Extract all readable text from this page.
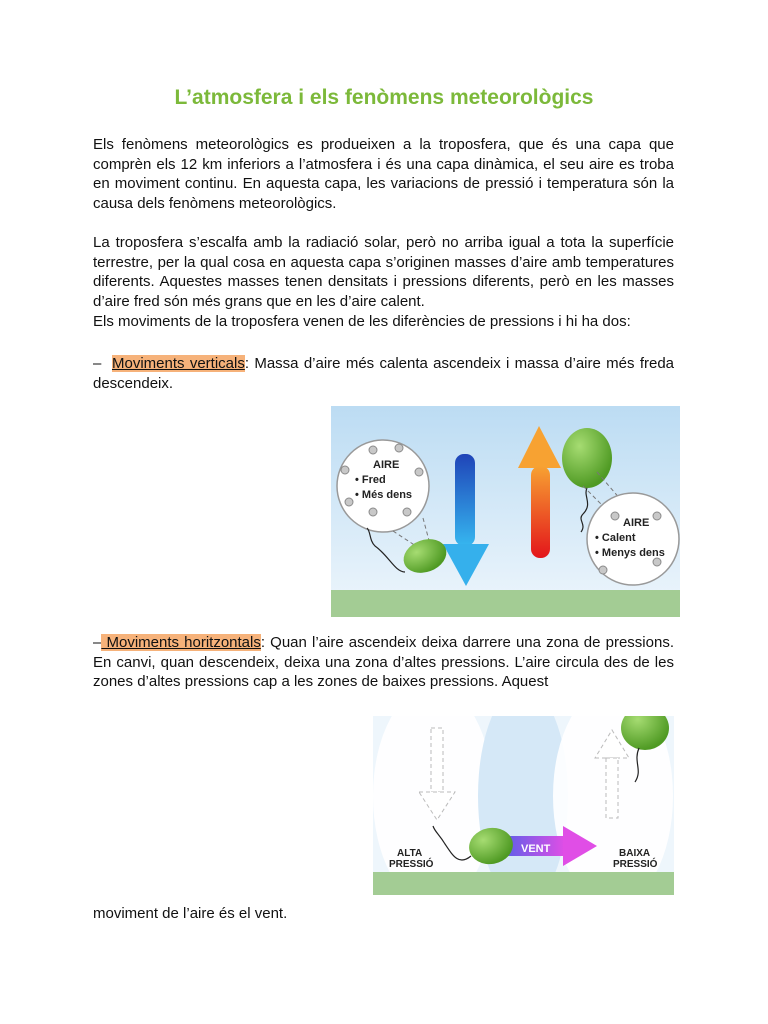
L’atmosfera i els fenòmens meteorològics

Els fenòmens meteorològics es produeixen a la troposfera, que és una capa que comprèn els 12 km inferiors a l’atmosfera i és una capa dinàmica, el seu aire es troba en moviment continu. En aquesta capa, les variacions de pressió i temperatura són la causa dels fenòmens meteorològics.

La troposfera s’escalfa amb la radiació solar, però no arriba igual a tota la superfície terrestre, per la qual cosa en aquesta capa s’originen masses d’aire amb temperatures diferents. Aquestes masses tenen densitats i pressions diferents, però en les masses d’aire fred són més grans que en les d’aire calent.

Els moviments de la troposfera venen de les diferències de pressions i hi ha dos:

– Moviments verticals: Massa d’aire més calenta ascendeix i massa d’aire més freda descendeix.

AIRE
• Fred
• Més dens
AIRE
• Calent
• Menys dens

– Moviments horitzontals: Quan l’aire ascendeix deixa darrere una zona de pressions. En canvi, quan descendeix, deixa una zona d’altes pressions. L’aire circula des de les zones d’altes pressions cap a les zones de baixes pressions. Aquest

VENT
ALTA
PRESSIÓ
BAIXA
PRESSIÓ

moviment de l’aire és el vent.
